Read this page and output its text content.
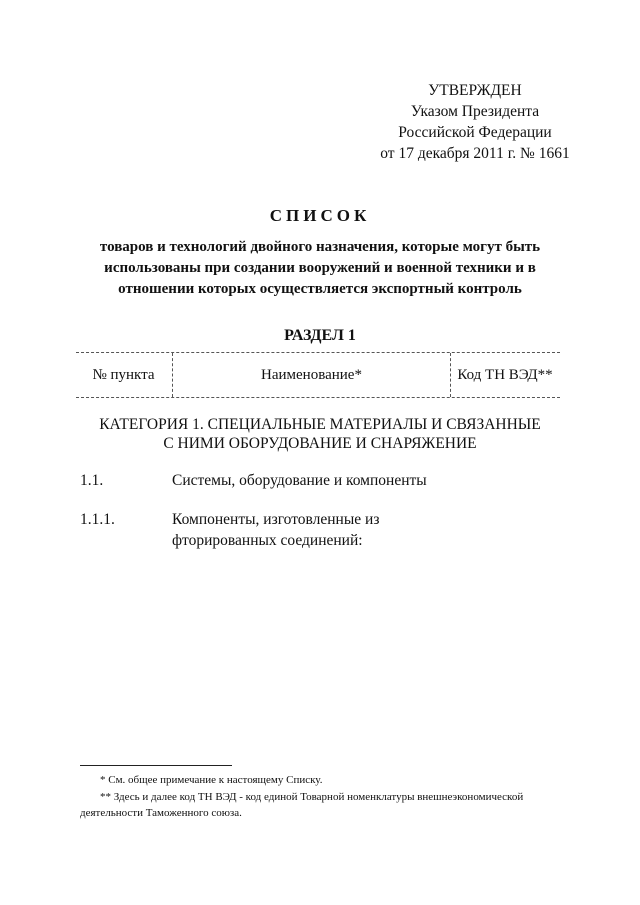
УТВЕРЖДЕН
Указом Президента
Российской Федерации
от 17 декабря 2011 г. № 1661
СПИСОК
товаров и технологий двойного назначения, которые могут быть использованы при создании вооружений и военной техники и в отношении которых осуществляется экспортный контроль
РАЗДЕЛ 1
№ пункта	Наименование*	Код ТН ВЭД**
КАТЕГОРИЯ 1. СПЕЦИАЛЬНЫЕ МАТЕРИАЛЫ И СВЯЗАННЫЕ
С НИМИ ОБОРУДОВАНИЕ И СНАРЯЖЕНИЕ
1.1.	Системы, оборудование и компоненты
1.1.1.	Компоненты, изготовленные из фторированных соединений:
* См. общее примечание к настоящему Списку.
** Здесь и далее код ТН ВЭД - код единой Товарной номенклатуры внешнеэкономической деятельности Таможенного союза.
